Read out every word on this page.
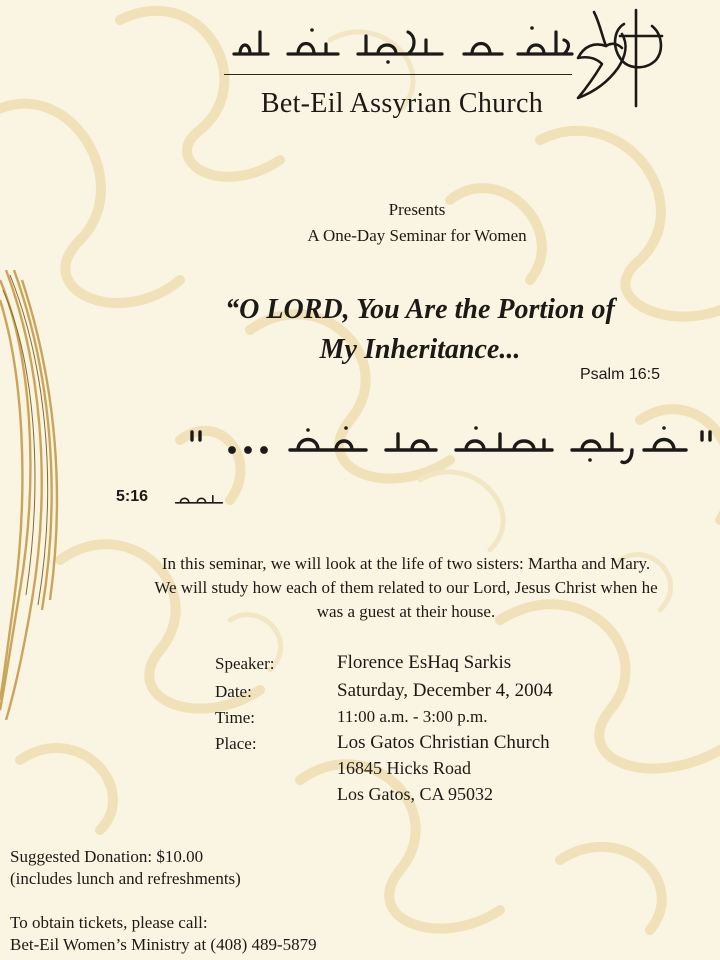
Bet-Eil Assyrian Church
Presents
A One-Day Seminar for Women
“O LORD, You Are the Portion of
My Inheritance...
Psalm 16:5
5:16
In this seminar, we will look at the life of two sisters: Martha and Mary.
We will study how each of them related to our Lord, Jesus Christ when he
was a guest at their house.
Speaker:	Florence EsHaq Sarkis
Date:	Saturday, December 4, 2004
Time:	11:00 a.m. - 3:00 p.m.
Place:	Los Gatos Christian Church
16845 Hicks Road
Los Gatos, CA 95032
Suggested Donation: $10.00
(includes lunch and refreshments)
To obtain tickets, please call:
Bet-Eil Women’s Ministry at (408) 489-5879
